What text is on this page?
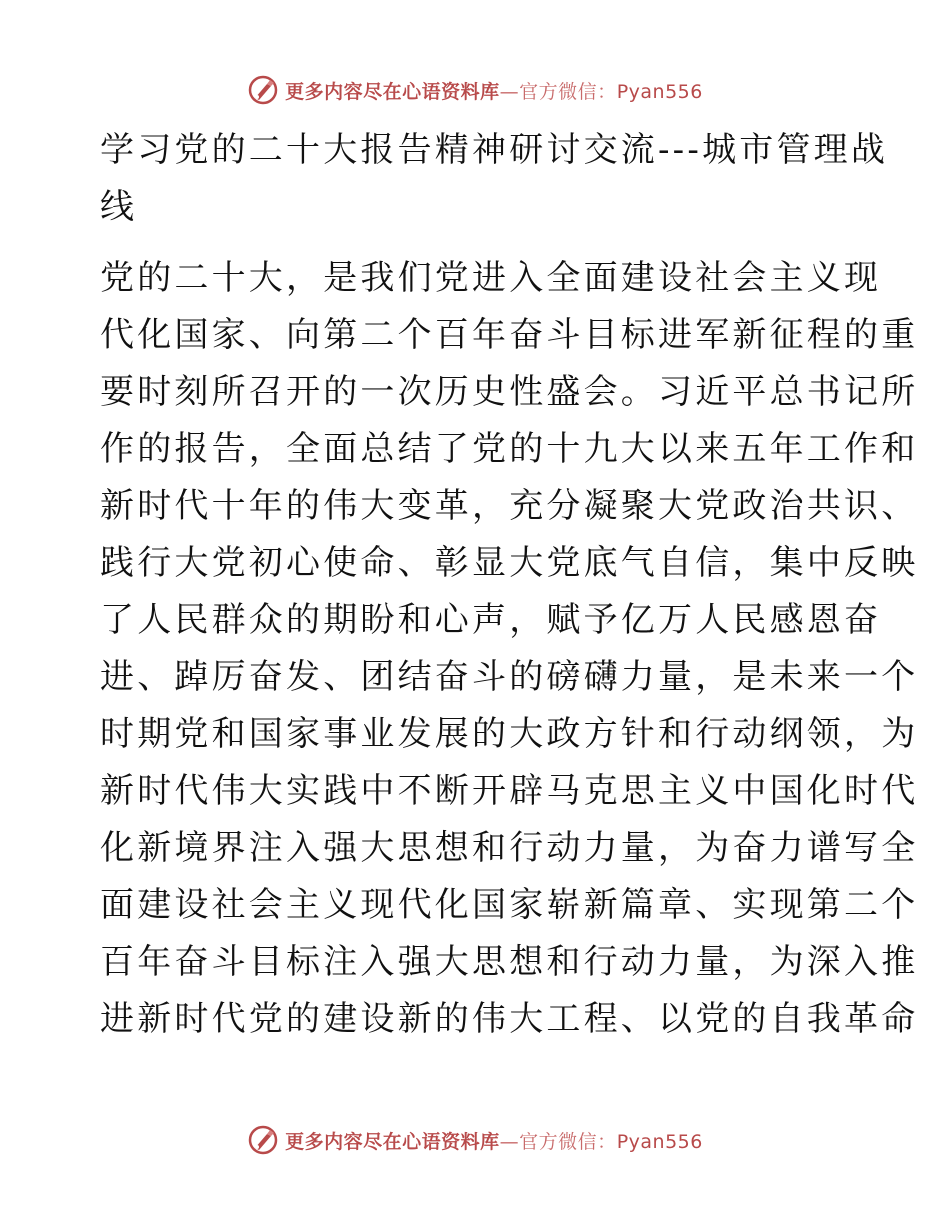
更多内容尽在心语资料库—官方微信：Pyan556
学习党的二十大报告精神研讨交流---城市管理战
线
党的二十大，是我们党进入全面建设社会主义现
代化国家、向第二个百年奋斗目标进军新征程的重
要时刻所召开的一次历史性盛会。习近平总书记所
作的报告，全面总结了党的十九大以来五年工作和
新时代十年的伟大变革，充分凝聚大党政治共识、
践行大党初心使命、彰显大党底气自信，集中反映
了人民群众的期盼和心声，赋予亿万人民感恩奋
进、踔厉奋发、团结奋斗的磅礴力量，是未来一个
时期党和国家事业发展的大政方针和行动纲领，为
新时代伟大实践中不断开辟马克思主义中国化时代
化新境界注入强大思想和行动力量，为奋力谱写全
面建设社会主义现代化国家崭新篇章、实现第二个
百年奋斗目标注入强大思想和行动力量，为深入推
进新时代党的建设新的伟大工程、以党的自我革命
更多内容尽在心语资料库—官方微信：Pyan556
